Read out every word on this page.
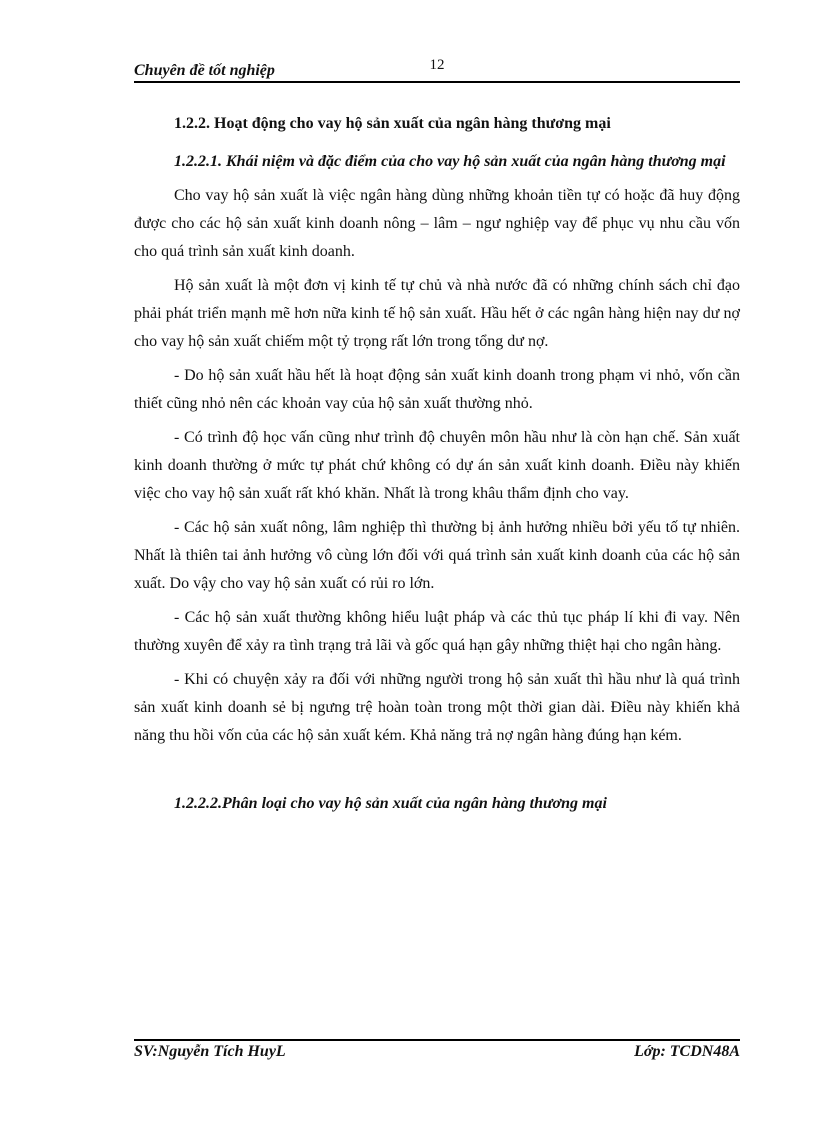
12
Chuyên đề tốt nghiệp

1.2.2. Hoạt động cho vay hộ sản xuất của ngân hàng thương mại

1.2.2.1. Khái niệm và đặc điểm của cho vay hộ sản xuất của ngân hàng thương mại

Cho vay hộ sản xuất là việc ngân hàng dùng những khoản tiền tự có hoặc đã huy động được cho các hộ sản xuất kinh doanh nông – lâm – ngư nghiệp vay để phục vụ nhu cầu vốn cho quá trình sản xuất kinh doanh.

Hộ sản xuất là một đơn vị kinh tế tự chủ và nhà nước đã có những chính sách chỉ đạo phải phát triển mạnh mẽ hơn nữa kinh tế hộ sản xuất. Hầu hết ở các ngân hàng hiện nay dư nợ cho vay hộ sản xuất chiếm một tỷ trọng rất lớn trong tổng dư nợ.

- Do hộ sản xuất hầu hết là hoạt động sản xuất kinh doanh trong phạm vi nhỏ, vốn cần thiết cũng nhỏ nên các khoản vay của hộ sản xuất thường nhỏ.

- Có trình độ học vấn cũng như trình độ chuyên môn hầu như là còn hạn chế. Sản xuất kinh doanh thường ở mức tự phát chứ không có dự án sản xuất kinh doanh. Điều này khiến việc cho vay hộ sản xuất rất khó khăn. Nhất là trong khâu thẩm định cho vay.

- Các hộ sản xuất nông, lâm nghiệp thì thường bị ảnh hưởng nhiều bởi yếu tố tự nhiên. Nhất là thiên tai ảnh hưởng vô cùng lớn đối với quá trình sản xuất kinh doanh của các hộ sản xuất. Do vậy cho vay hộ sản xuất có rủi ro lớn.

- Các hộ sản xuất thường không hiểu luật pháp và các thủ tục pháp lí khi đi vay. Nên thường xuyên để xảy ra tình trạng trả lãi và gốc quá hạn gây những thiệt hại cho ngân hàng.

- Khi có chuyện xảy ra đối với những người trong hộ sản xuất thì hầu như là quá trình sản xuất kinh doanh sẻ bị ngưng trệ hoàn toàn trong một thời gian dài. Điều này khiến khả năng thu hồi vốn của các hộ sản xuất kém. Khả năng trả nợ ngân hàng đúng hạn kém.

1.2.2.2.Phân loại cho vay hộ sản xuất của ngân hàng thương mại

SV:Nguyễn Tích HuyL	Lớp: TCDN48A
